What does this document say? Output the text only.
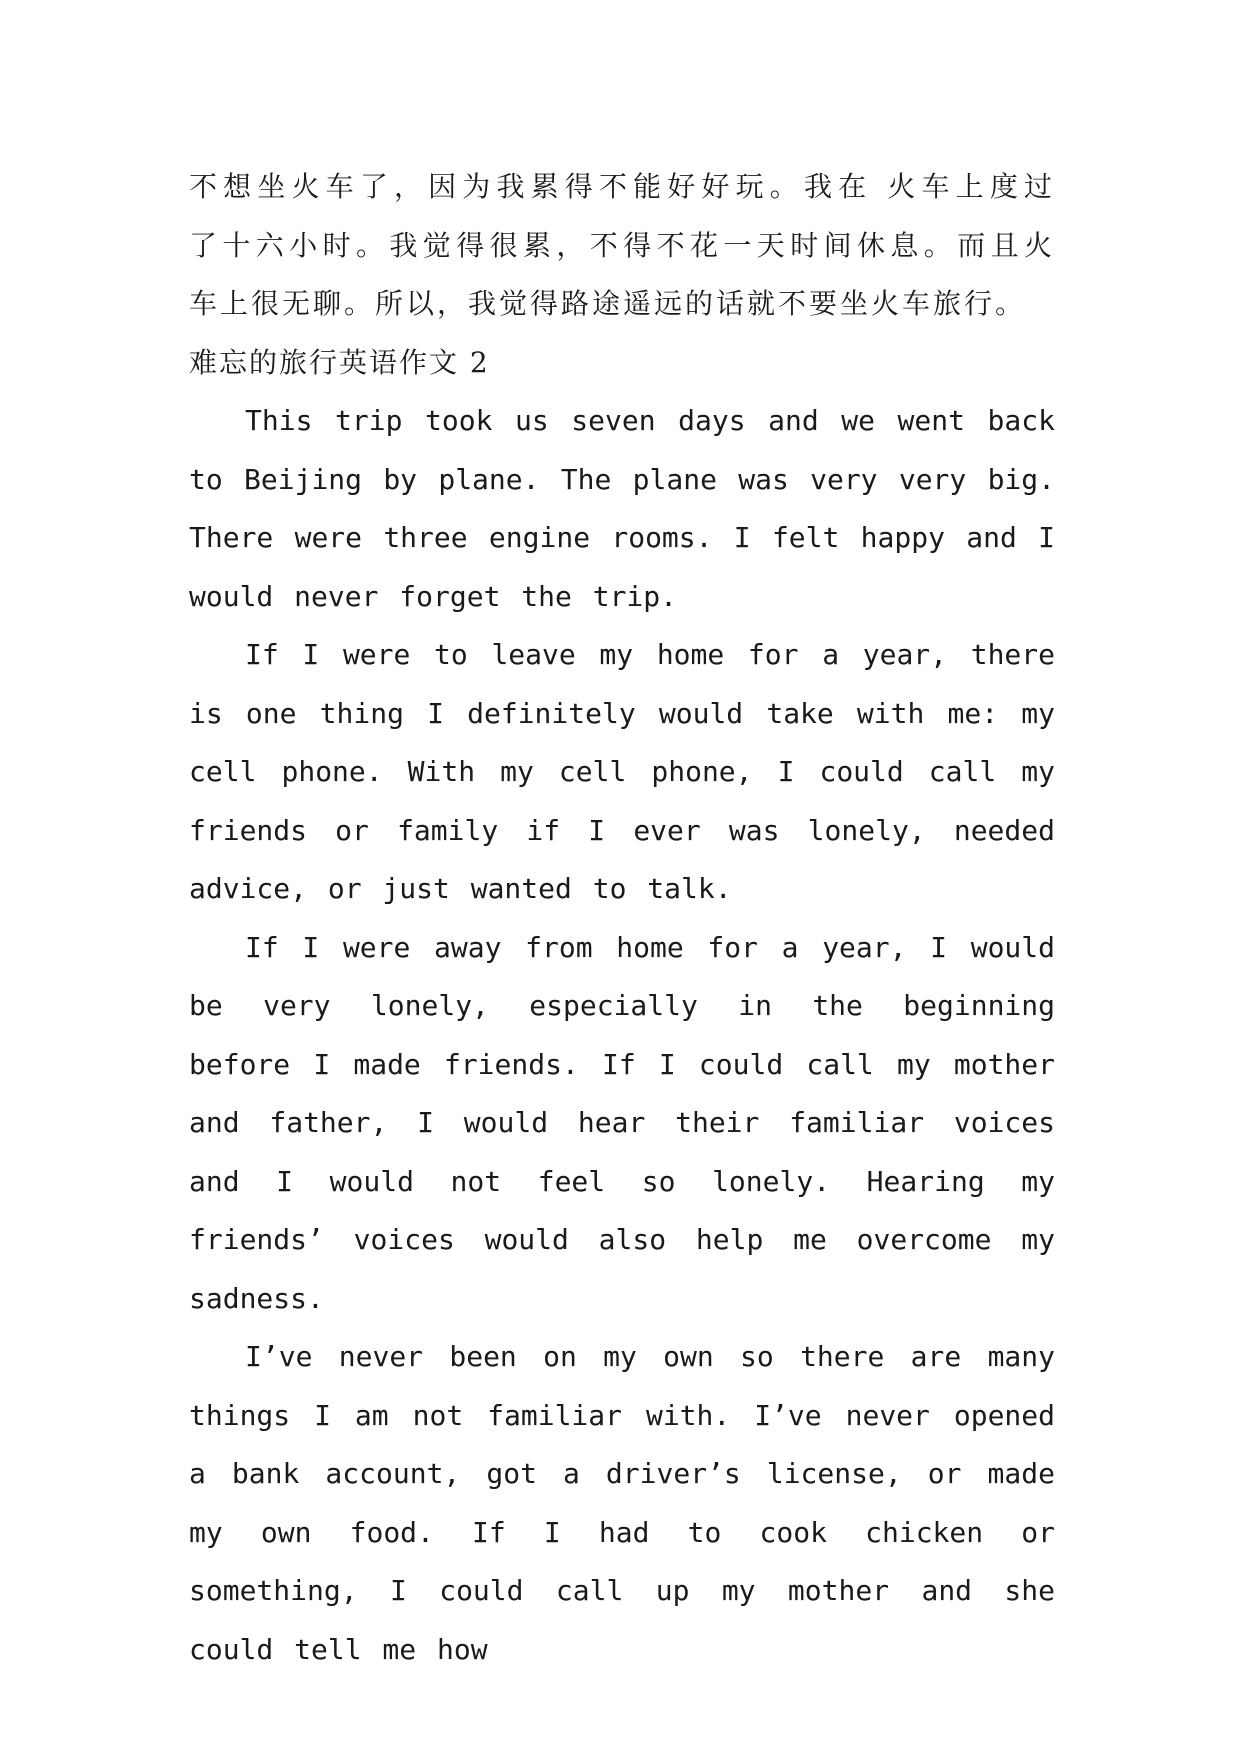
不想坐火车了，因为我累得不能好好玩。我在 火车上度过

了十六小时。我觉得很累，不得不花一天时间休息。而且火

车上很无聊。所以，我觉得路途遥远的话就不要坐火车旅行。

难忘的旅行英语作文 2

This trip took us seven days and we went back to Beijing by plane. The plane was very very big. There were three engine rooms. I felt happy and I would never forget the trip.

If I were to leave my home for a year, there is one thing I definitely would take with me: my cell phone. With my cell phone, I could call my friends or family if I ever was lonely, needed advice, or just wanted to talk.

If I were away from home for a year, I would be very lonely, especially in the beginning before I made friends. If I could call my mother and father, I would hear their familiar voices and I would not feel so lonely. Hearing my friends’ voices would also help me overcome my sadness.

I’ve never been on my own so there are many things I am not familiar with. I’ve never opened a bank account, got a driver’s license, or made my own food. If I had to cook chicken or something, I could call up my mother and she could tell me how
